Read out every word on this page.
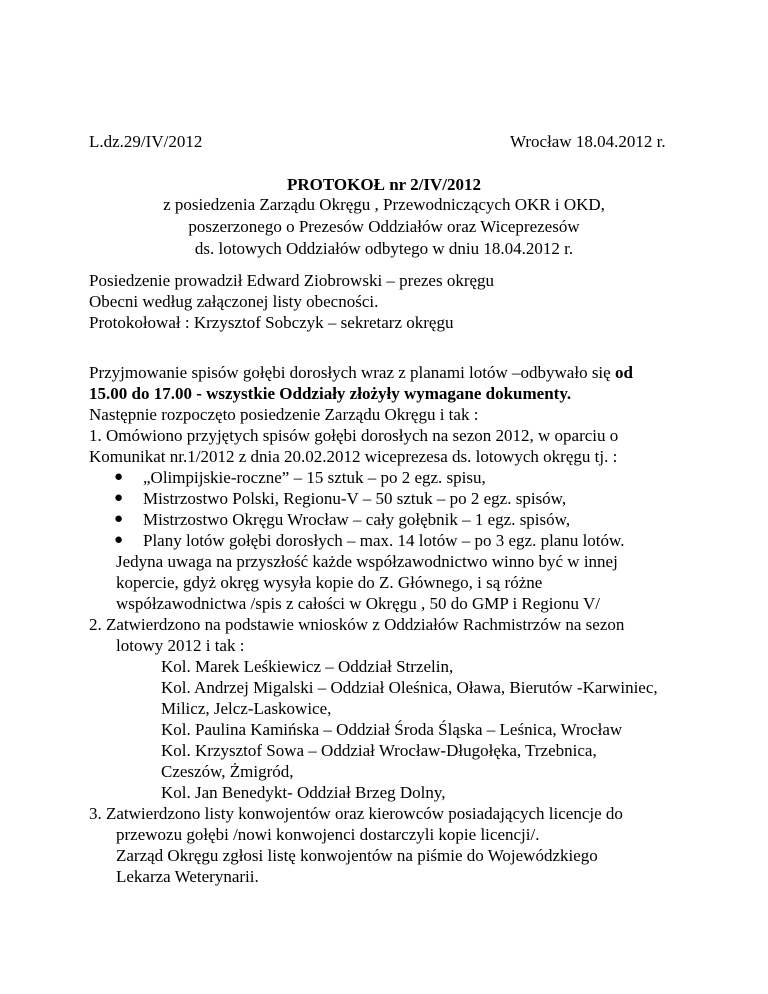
L.dz.29/IV/2012	Wrocław 18.04.2012 r.
PROTOKOŁ nr 2/IV/2012
z posiedzenia Zarządu Okręgu , Przewodniczących OKR i OKD,
poszerzonego o Prezesów Oddziałów oraz Wiceprezesów
ds. lotowych Oddziałów odbytego w dniu 18.04.2012 r.
Posiedzenie prowadził Edward Ziobrowski – prezes okręgu
Obecni według załączonej listy obecności.
Protokołował : Krzysztof Sobczyk – sekretarz okręgu
Przyjmowanie spisów gołębi dorosłych wraz z planami lotów –odbywało się od
15.00 do 17.00 - wszystkie Oddziały złożyły wymagane dokumenty.
Następnie rozpoczęto posiedzenie Zarządu Okręgu i tak :
1. Omówiono przyjętych spisów gołębi dorosłych na sezon 2012, w oparciu o
Komunikat nr.1/2012 z dnia 20.02.2012 wiceprezesa ds. lotowych okręgu tj. :
● „Olimpijskie-roczne” – 15 sztuk – po 2 egz. spisu,
● Mistrzostwo Polski, Regionu-V – 50 sztuk – po 2 egz. spisów,
● Mistrzostwo Okręgu Wrocław – cały gołębnik – 1 egz. spisów,
● Plany lotów gołębi dorosłych – max. 14 lotów – po 3 egz. planu lotów.
Jedyna uwaga na przyszłość każde współzawodnictwo winno być w innej
kopercie, gdyż okręg wysyła kopie do Z. Głównego, i są różne
współzawodnictwa /spis z całości w Okręgu , 50 do GMP i Regionu V/
2. Zatwierdzono na podstawie wniosków z Oddziałów Rachmistrzów na sezon
lotowy 2012 i tak :
Kol. Marek Leśkiewicz – Oddział Strzelin,
Kol. Andrzej Migalski – Oddział Oleśnica, Oława, Bierutów -Karwiniec,
Milicz, Jelcz-Laskowice,
Kol. Paulina Kamińska – Oddział Środa Śląska – Leśnica, Wrocław
Kol. Krzysztof Sowa – Oddział Wrocław-Długołęka, Trzebnica,
Czeszów, Żmigród,
Kol. Jan Benedykt- Oddział Brzeg Dolny,
3. Zatwierdzono listy konwojentów oraz kierowców posiadających licencje do
przewozu gołębi /nowi konwojenci dostarczyli kopie licencji/.
Zarząd Okręgu zgłosi listę konwojentów na piśmie do Wojewódzkiego
Lekarza Weterynarii.
